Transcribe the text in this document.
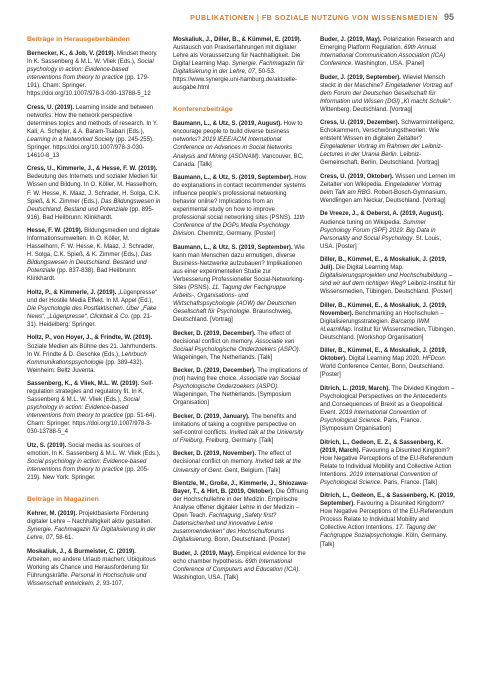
PUBLIKATIONEN | FB SOZIALE NUTZUNG VON WISSENSMEDIEN 95
Beiträge in Herausgeberbänden
Bernecker, K., & Job, V. (2019). Mindset theory. In K. Sassenberg & M.L. W. Vliek (Eds.), Social psychology in action: Evidence-based interventions from theory to practice (pp. 179-191). Cham: Springer. https://doi.org/10.1007/978-3-030-13788-5_12
Cress, U. (2019). Learning inside and between networks: How the network perspective determines topics and methods of research. In Y. Kali, A. Schejter, & A. Baram-Tsabari (Eds.), Learning in a Networked Society (pp. 245-255). Springer. https://doi.org/10.1007/978-3-030-14610-8_13
Cress, U., Kimmerle, J., & Hesse, F. W. (2019). Bedeutung des Internets und sozialer Medien für Wissen und Bildung. In O. Köller, M. Hasselhorn, F. W. Hesse, K. Maaz, J. Schrader, H. Solga, C.K. Spieß, & K. Zimmer (Eds.), Das Bildungswesen in Deutschland. Bestand und Potenziale (pp. 895-916). Bad Heilbrunn: Klinkhardt.
Hesse, F. W. (2019). Bildungsmedien und digitale Informationsumwelten. In O. Köller, M. Hasselhorn, F. W. Hesse, K. Maaz, J. Schrader, H. Solga, C.K. Spieß, & K. Zimmer (Eds.), Das Bildungswesen in Deutschland. Bestand und Potenziale (pp. 837-838). Bad Heilbrunn: Klinkhardt.
Holtz, P., & Kimmerle, J. (2019). „Lügenpresse“ und der Hostile Media Effekt. In M. Appel (Ed.), Die Psychologie des Postfaktischen. Über „Fake News“, „Lügenpresse“, Clickbait & Co. (pp. 21-31). Heidelberg: Springer.
Holtz, P., von Hoyer, J., & Frindte, W. (2019). Soziale Medien als Bühne des 21. Jahrhunderts. In W. Frindte & D. Geschke (Eds.), Lehrbuch Kommunikationspsychologie (pp. 389-432). Weinheim: Beltz Juventa.
Sassenberg, K., & Vliek, M.L. W. (2019). Self-regulation strategies and regulatory fit. In K. Sassenberg & M.L. W. Vliek (Eds.), Social psychology in action: Evidence-based interventions from theory to practice (pp. 51-64). Cham: Springer. https://doi.org/10.1007/978-3-030-13788-5_4
Utz, S. (2019). Social media as sources of emotion. In K. Sassenberg & M.L. W. Vliek (Eds.), Social psychology in action: Evidence-based interventions from theory to practice (pp. 205-219). New York: Springer.
Beiträge in Magazinen
Kehrer, M. (2019). Projektbasierte Förderung digitaler Lehre – Nachhaltigkeit aktiv gestalten. Synergie. Fachmagazin für Digitalisierung in der Lehre, 07, 58-61.
Moskaliuk, J., & Burmeister, C. (2019). Arbeiten, wo andere Urlaub machen: Ubiquitous Working als Chance und Herausforderung für Führungskräfte. Personal in Hochschule und Wissenschaft entwickeln, 2, 93-107.
Moskaliuk, J., Diller, B., & Kümmel, E. (2019). Austausch von Praxiserfahrungen mit digitaler Lehre als Voraussetzung für Nachhaltigkeit. Die Digital Learning Map. Synergie. Fachmagazin für Digitalisierung in der Lehre, 07, 50-53. https://www.synergie.uni-hamburg.de/aktuelle-ausgabe.html
Konferenzbeiträge
Baumann, L., & Utz, S. (2019, August). How to encourage people to build diverse business networks? 2019 IEEE/ACM International Conference on Advances in Social Networks Analysis and Mining (ASONAM). Vancouver, BC, Canada. [Talk]
Baumann, L., & Utz, S. (2019, September). How do explanations in contact recommender systems influence people’s professional networking behavior online? Implications from an experimental study on how to improve professional social networking sites (PSNS). 11th Conference of the DGPs Media Psychology Division. Chemnitz, Germany. [Poster]
Baumann, L., & Utz, S. (2019, September). Wie kann man Menschen dazu ermutigen, diverse Business-Netzwerke aufzubauen? Implikationen aus einer experimentellen Studie zur Verbesserung Professioneller Social-Networking-Sites (PSNS). 11. Tagung der Fachgruppe Arbeits-, Organisations- und Wirtschaftspsychologie (AOW) der Deutschen Gesellschaft für Psychologie. Braunschweig, Deutschland. [Vortrag]
Becker, D. (2019, December). The effect of decisional conflict on memory. Associatie van Sociaal Psychologische Onderzoekers (ASPO). Wageningen, The Netherlands. [Talk]
Becker, D. (2019, December). The implications of (not) having free choice. Associatie van Sociaal Psychologische Onderzoekers (ASPO). Wageningen, The Netherlands. [Symposium Organisation]
Becker, D. (2019, January). The benefits and limitations of taking a cognitive perspective on self-control conflicts. Invited talk at the University of Freiburg. Freiburg, Germany. [Talk]
Becker, D. (2019, November). The effect of decisional conflict on memory. Invited talk at the University of Gent. Gent, Belgium. [Talk]
Bientzle, M., Große, J., Kimmerle, J., Shiozawa-Bayer, T., & Hirt, B. (2019, Oktober). Die Öffnung der Hochschullehre in der Medizin. Empirische Analyse offener digitaler Lehre in der Medizin – Open Teach. Fachtagung „Safety first? Datensicherheit und innovative Lehre zusammendenken“ des Hochschulforums Digitalisierung. Bonn, Deutschland. [Poster]
Buder, J. (2019, May). Empirical evidence for the echo chamber hypothesis. 69th International Conference of Computers and Education (ICA). Washington, USA. [Talk]
Buder, J. (2019, May). Polarization Research and Emerging Platform Regulation. 69th Annual International Communication Association (ICA) Conference. Washington, USA. [Panel]
Buder, J. (2019, September). Wieviel Mensch steckt in der Maschine? Eingeladener Vortrag auf dem Forum der Deutschen Gesellschaft für Information und Wissen (DGI) „KI macht Schule“. Wittenberg, Deutschland. [Vortrag]
Cress, U. (2019, Dezember). Schwarmintelligenz, Echokammern, Verschwörungstheorien: Wie entsteht Wissen im digitalen Zeitalter? Eingeladener Vortrag im Rahmen der Leibniz-Lectures in der Urania Berlin. Leibniz-Gemeinschaft, Berlin, Deutschland. [Vortrag]
Cress, U. (2019, Oktober). Wissen und Lernen im Zeitalter von Wikipedia. Eingeladener Vortrag beim Talk am RBG. Robert-Bosch-Gymnasium, Wendlingen am Neckar, Deutschland. [Vortrag]
De Vreeze, J., & Oeberst, A. (2019, August). Audience tuning on Wikipedia. Summer Psychology Forum (SPF) 2019: Big Data in Personality and Social Psychology. St. Louis, USA. [Poster]
Diller, B., Kümmel, E., & Moskaliuk, J. (2019, Juli). Die Digital Learning Map. Digitalisierungsprojekten und Hochschulbildung – sind wir auf dem richtigen Weg? Leibniz-Institut für Wissensmedien, Tübingen, Deutschland. [Poster]
Diller, B., Kümmel, E., & Moskaliuk, J. (2019, November). Benchmarking an Hochschulen – Digitalisierungsstrategien. Barcamp IWM #LearnMap. Institut für Wissensmedien, Tübingen, Deutschland. [Workshop Organisation]
Diller, B., Kümmel, E., & Moskaliuk, J. (2019, Oktober). Digital Learning Map 2020. HFDcon. World Conference Center, Bonn, Deutschland. [Poster]
Ditrich, L. (2019, March). The Divided Kingdom – Psychological Perspectives on the Antecedents and Consequences of Brexit as a Geopolitical Event. 2019 International Convention of Psychological Science. Paris, France. [Symposium Organisation]
Ditrich, L., Gedeon, E. Z., & Sassenberg, K. (2019, March). Favouring a Disunited Kingdom? How Negative Perceptions of the EU-Referendum Relate to Individual Mobility and Collective Action Intentions. 2019 International Convention of Psychological Science. Paris, France. [Talk]
Ditrich, L., Gedeon, E., & Sassenberg, K. (2019, September). Favouring a Disunited Kingdom? How Negative Perceptions of the EU-Referendum Process Relate to Individual Mobility and Collective Action Intentions. 17. Tagung der Fachgruppe Sozialpsychologie. Köln, Germany. [Talk]
